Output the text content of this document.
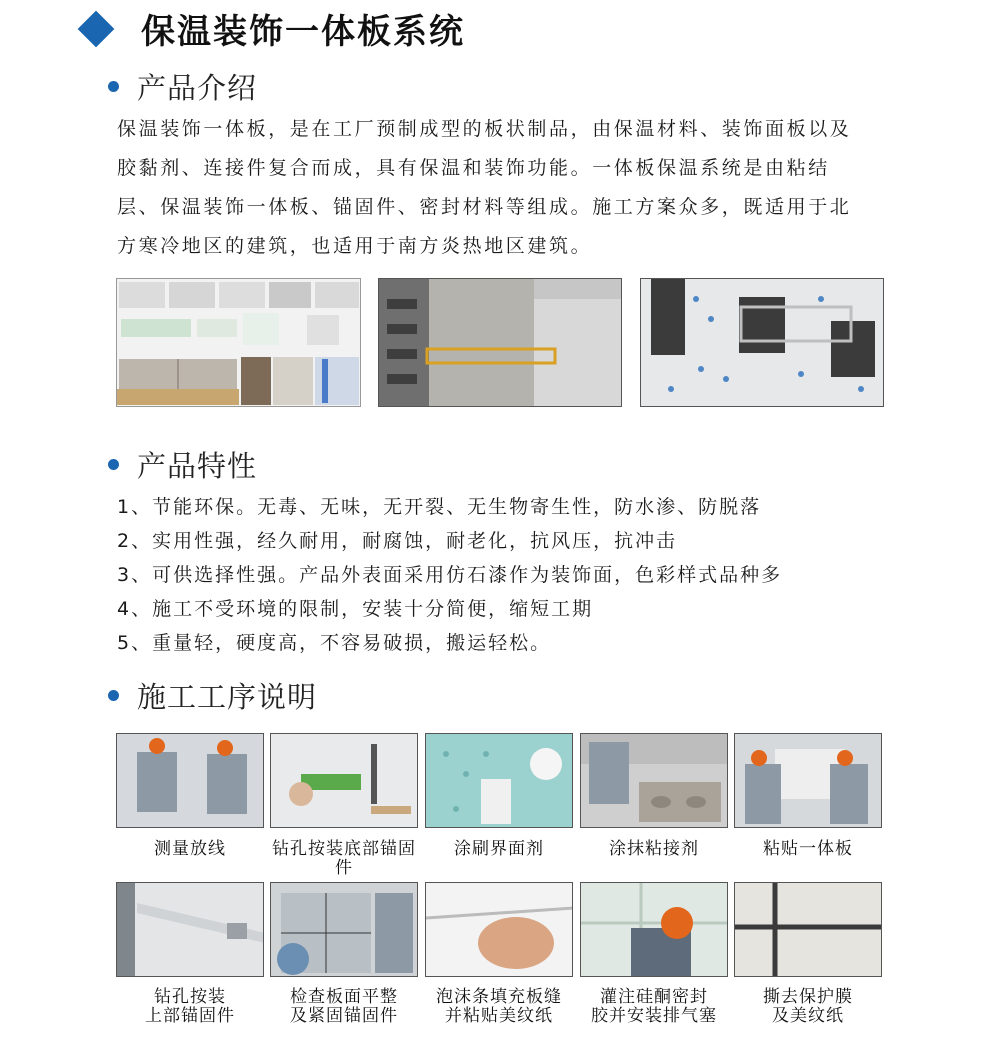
保温装饰一体板系统
产品介绍
保温装饰一体板，是在工厂预制成型的板状制品，由保温材料、装饰面板以及
胶黏剂、连接件复合而成，具有保温和装饰功能。一体板保温系统是由粘结
层、保温装饰一体板、锚固件、密封材料等组成。施工方案众多，既适用于北
方寒冷地区的建筑，也适用于南方炎热地区建筑。
产品特性
1、节能环保。无毒、无味，无开裂、无生物寄生性，防水渗、防脱落
2、实用性强，经久耐用，耐腐蚀，耐老化，抗风压，抗冲击
3、可供选择性强。产品外表面采用仿石漆作为装饰面，色彩样式品种多
4、施工不受环境的限制，安装十分简便，缩短工期
5、重量轻，硬度高，不容易破损，搬运轻松。
施工工序说明
测量放线	钻孔按装底部锚固件
涂刷界面剂	涂抹粘接剂	粘贴一体板
钻孔按装
上部锚固件
检查板面平整
及紧固锚固件
泡沫条填充板缝
并粘贴美纹纸
灌注硅酮密封
胶并安装排气塞
撕去保护膜
及美纹纸
